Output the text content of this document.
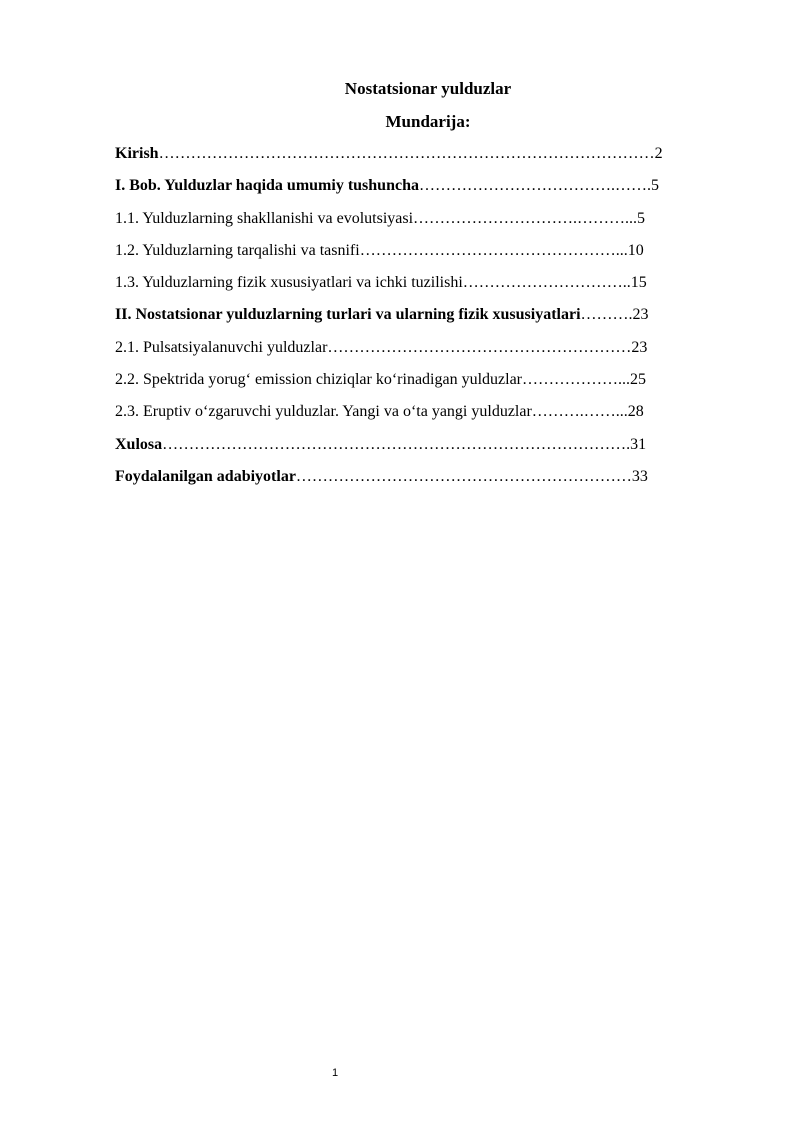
Nostatsionar yulduzlar
Mundarija:
Kirish…………………………………………………………………………………2
I. Bob. Yulduzlar haqida umumiy tushuncha……………………………….…….5
1.1. Yulduzlarning shakllanishi va evolutsiyasi………………………….………...5
1.2. Yulduzlarning tarqalishi va tasnifi…………………………………………...10
1.3. Yulduzlarning fizik xususiyatlari va ichki tuzilishi…………………………..15
II. Nostatsionar yulduzlarning turlari va ularning fizik xususiyatlari……….23
2.1. Pulsatsiyalanuvchi yulduzlar…………………………………………………23
2.2. Spektrida yorug‘ emission chiziqlar ko‘rinadigan yulduzlar………………...25
2.3. Eruptiv o‘zgaruvchi yulduzlar. Yangi va o‘ta yangi yulduzlar……….……...28
Xulosa…………………………………………………………………………….31
Foydalanilgan adabiyotlar………………………………………………………33
1
